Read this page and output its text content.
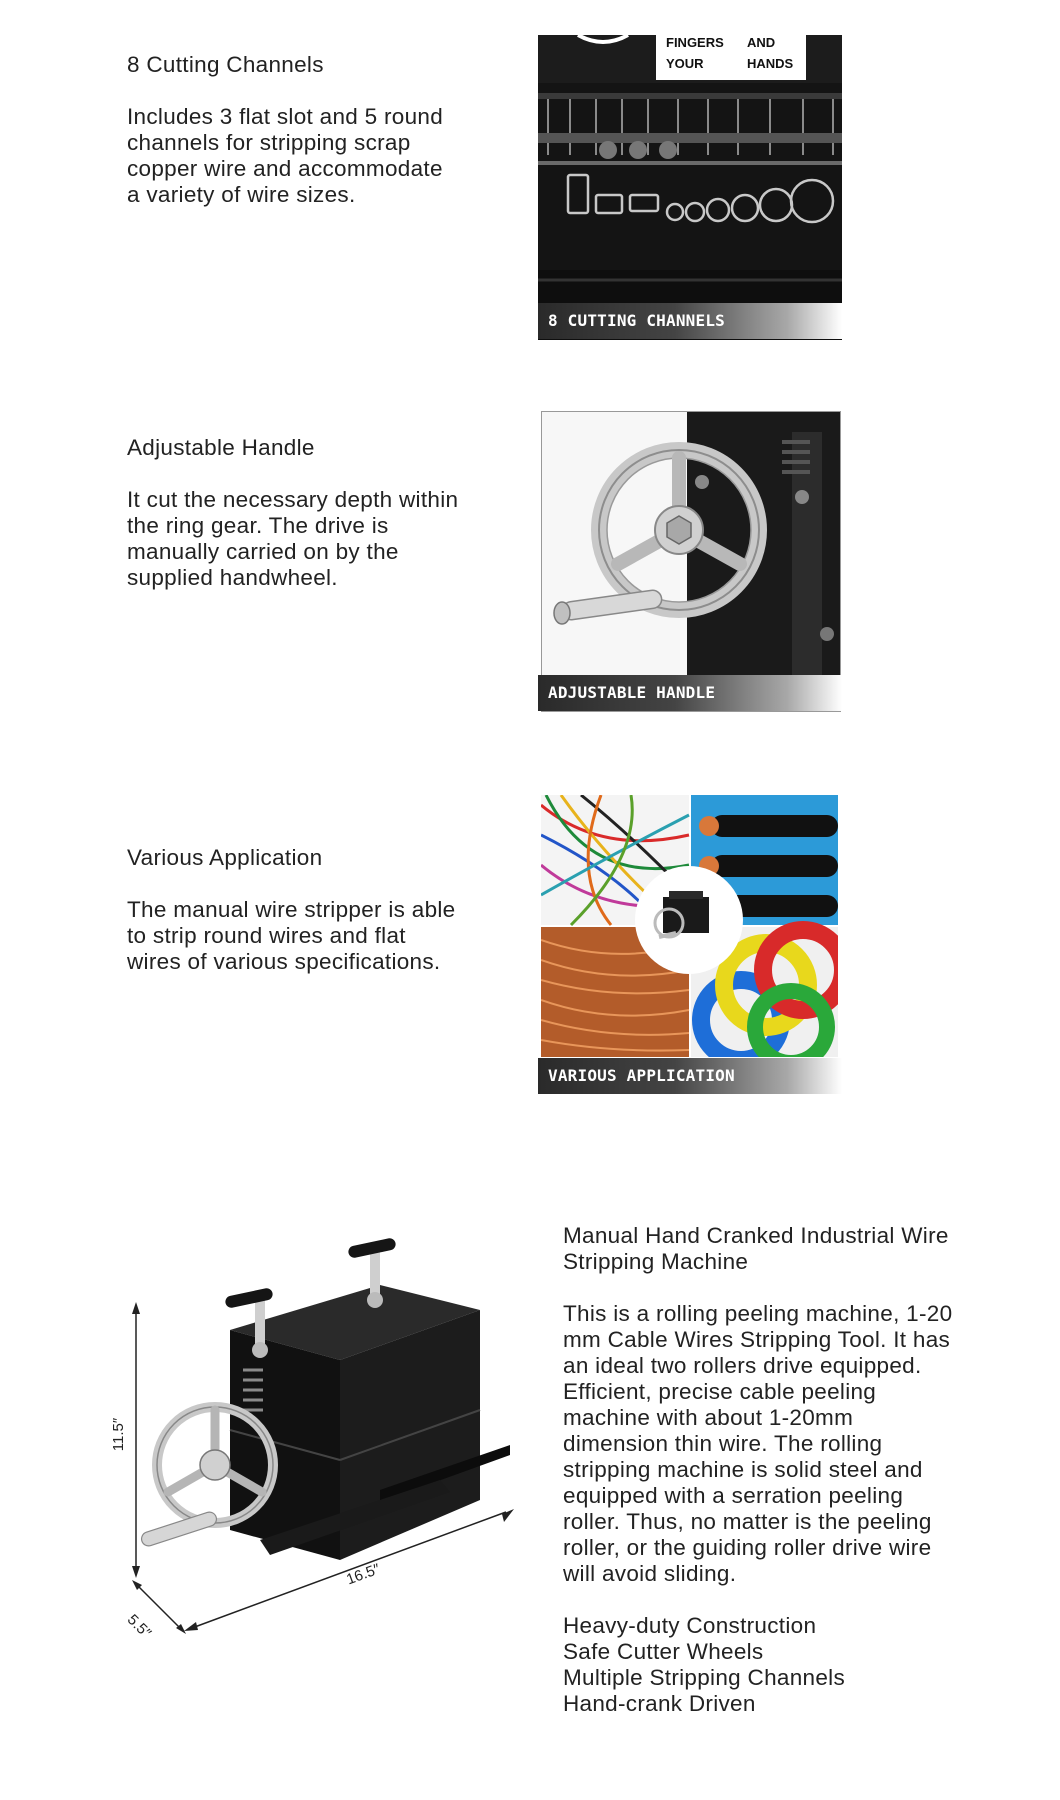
8 Cutting Channels

Includes 3 flat slot and 5 round

channels for stripping scrap

copper wire and accommodate

a variety of wire sizes.

FINGERS
YOUR
AND
HANDS
8 CUTTING CHANNELS

Adjustable Handle

It cut the necessary depth within

the ring gear. The drive is

manually carried on by the

supplied handwheel.

ADJUSTABLE HANDLE

Various Application

The manual wire stripper is able

to strip round wires and flat

wires of various specifications.

VARIOUS APPLICATION
11.5″
16.5″
5.5″

Manual Hand Cranked Industrial Wire

Stripping Machine

This is a rolling peeling machine, 1-20

mm Cable Wires Stripping Tool. It has

an ideal two rollers drive equipped.

Efficient, precise cable peeling

machine with about 1-20mm

dimension thin wire. The rolling

stripping machine is solid steel and

equipped with a serration peeling

roller. Thus, no matter is the peeling

roller, or the guiding roller drive wire

will avoid sliding.

Heavy-duty Construction

Safe Cutter Wheels

Multiple Stripping Channels

Hand-crank Driven
